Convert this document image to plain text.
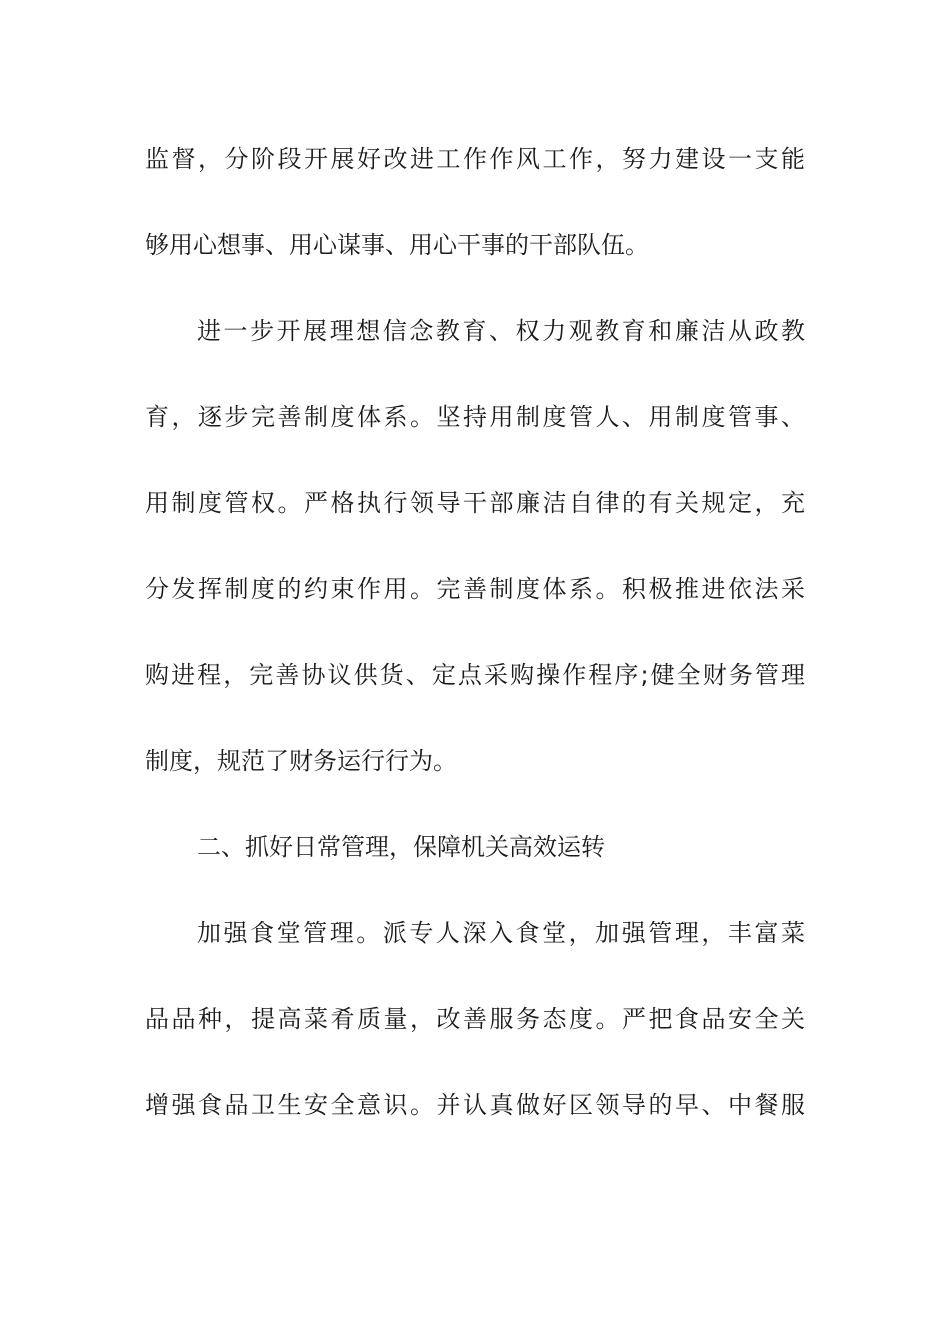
监督，分阶段开展好改进工作作风工作，努力建设一支能
够用心想事、用心谋事、用心干事的干部队伍。
进一步开展理想信念教育、权力观教育和廉洁从政教
育，逐步完善制度体系。坚持用制度管人、用制度管事、
用制度管权。严格执行领导干部廉洁自律的有关规定，充
分发挥制度的约束作用。完善制度体系。积极推进依法采
购进程，完善协议供货、定点采购操作程序;健全财务管理
制度，规范了财务运行行为。
二、抓好日常管理，保障机关高效运转
加强食堂管理。派专人深入食堂，加强管理，丰富菜
品品种，提高菜肴质量，改善服务态度。严把食品安全关
增强食品卫生安全意识。并认真做好区领导的早、中餐服
